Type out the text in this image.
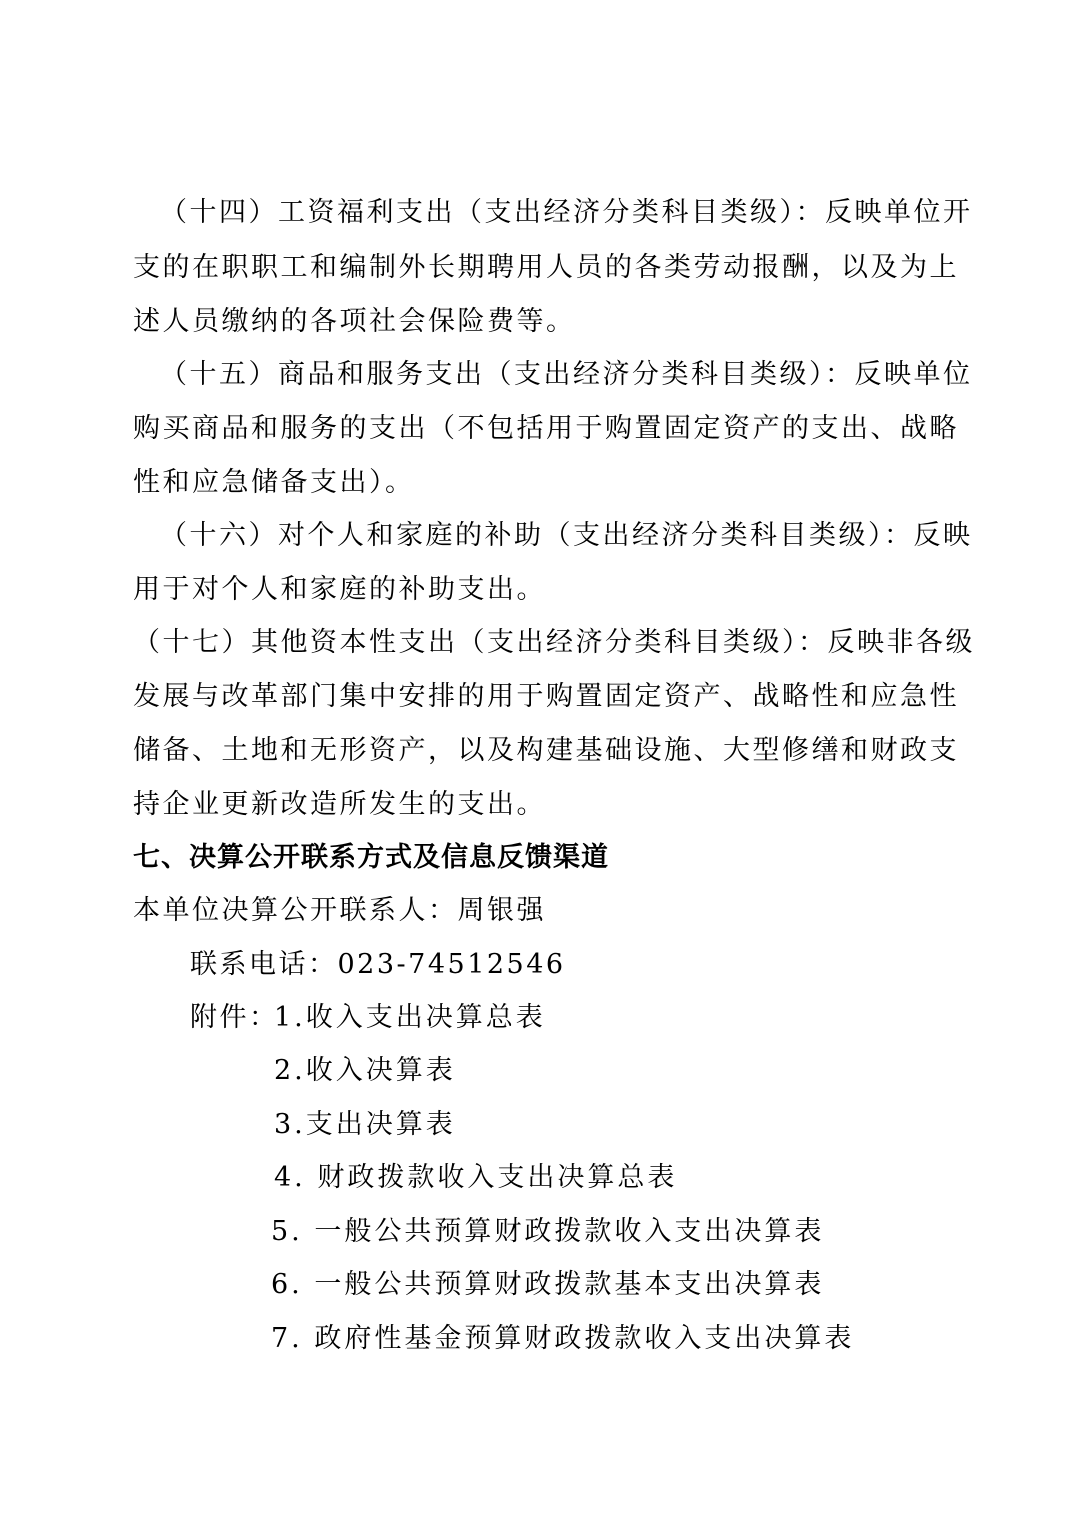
（十四）工资福利支出（支出经济分类科目类级）：反映单位开
支的在职职工和编制外长期聘用人员的各类劳动报酬，以及为上
述人员缴纳的各项社会保险费等。
（十五）商品和服务支出（支出经济分类科目类级）：反映单位
购买商品和服务的支出（不包括用于购置固定资产的支出、战略
性和应急储备支出）。
（十六）对个人和家庭的补助（支出经济分类科目类级）：反映
用于对个人和家庭的补助支出。
（十七）其他资本性支出（支出经济分类科目类级）：反映非各级
发展与改革部门集中安排的用于购置固定资产、战略性和应急性
储备、土地和无形资产，以及构建基础设施、大型修缮和财政支
持企业更新改造所发生的支出。
七、决算公开联系方式及信息反馈渠道
本单位决算公开联系人：周银强
联系电话：023-74512546
附件：
1.收入支出决算总表
2.收入决算表
3.支出决算表
4. 财政拨款收入支出决算总表
5. 一般公共预算财政拨款收入支出决算表
6. 一般公共预算财政拨款基本支出决算表
7. 政府性基金预算财政拨款收入支出决算表
